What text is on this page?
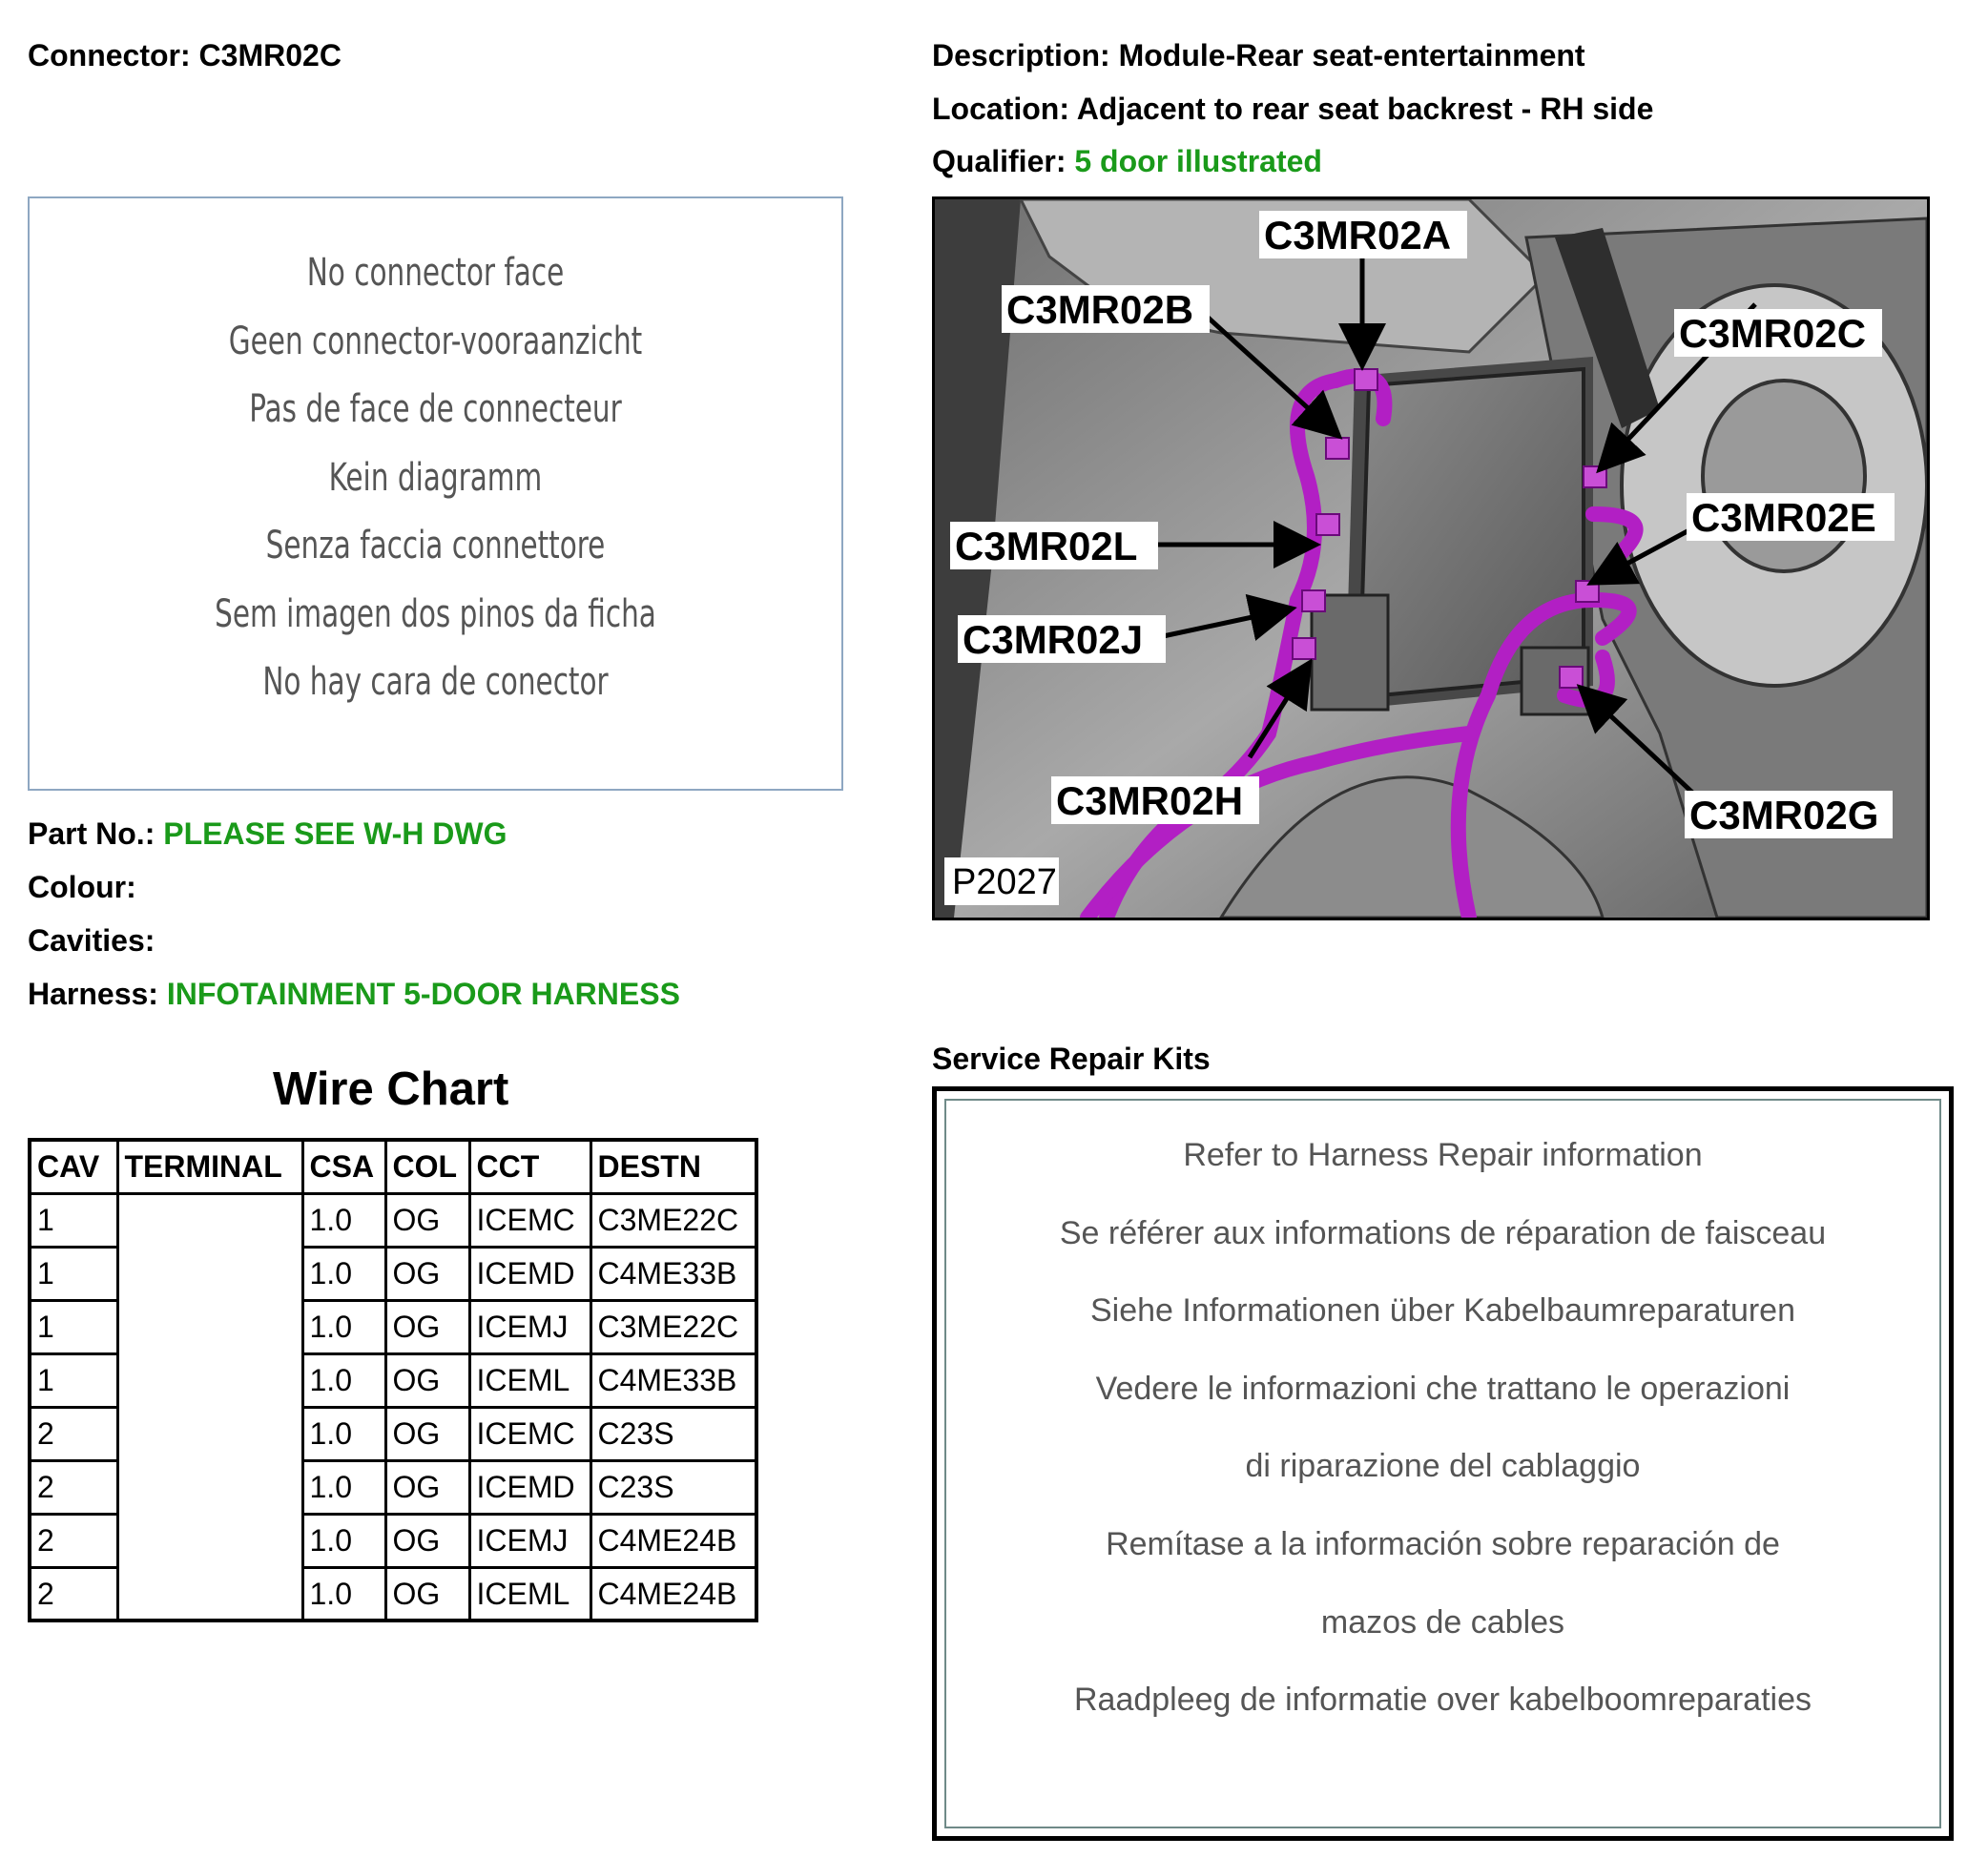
Connector: C3MR02C	Description: Module-Rear seat-entertainment
Location: Adjacent to rear seat backrest - RH side
Qualifier: 5 door illustrated
No connector face
Geen connector-vooraanzicht
Pas de face de connecteur
Kein diagramm
Senza faccia connettore
Sem imagen dos pinos da ficha
No hay cara de conector
Part No.: PLEASE SEE W-H DWG
Colour:
Cavities:
Harness: INFOTAINMENT 5-DOOR HARNESS
Wire Chart
CAV	TERMINAL	CSA	COL	CCT	DESTN
1		1.0	OG	ICEMC	C3ME22C
1		1.0	OG	ICEMD	C4ME33B
1		1.0	OG	ICEMJ	C3ME22C
1		1.0	OG	ICEML	C4ME33B
2		1.0	OG	ICEMC	C23S
2		1.0	OG	ICEMD	C23S
2		1.0	OG	ICEMJ	C4ME24B
2		1.0	OG	ICEML	C4ME24B
C3MR02A
C3MR02B
C3MR02C
C3MR02L
C3MR02E
C3MR02J
C3MR02H	C3MR02G
P2027
Service Repair Kits
Refer to Harness Repair information
Se référer aux informations de réparation de faisceau
Siehe Informationen über Kabelbaumreparaturen
Vedere le informazioni che trattano le operazioni
di riparazione del cablaggio
Remítase a la información sobre reparación de
mazos de cables
Raadpleeg de informatie over kabelboomreparaties
